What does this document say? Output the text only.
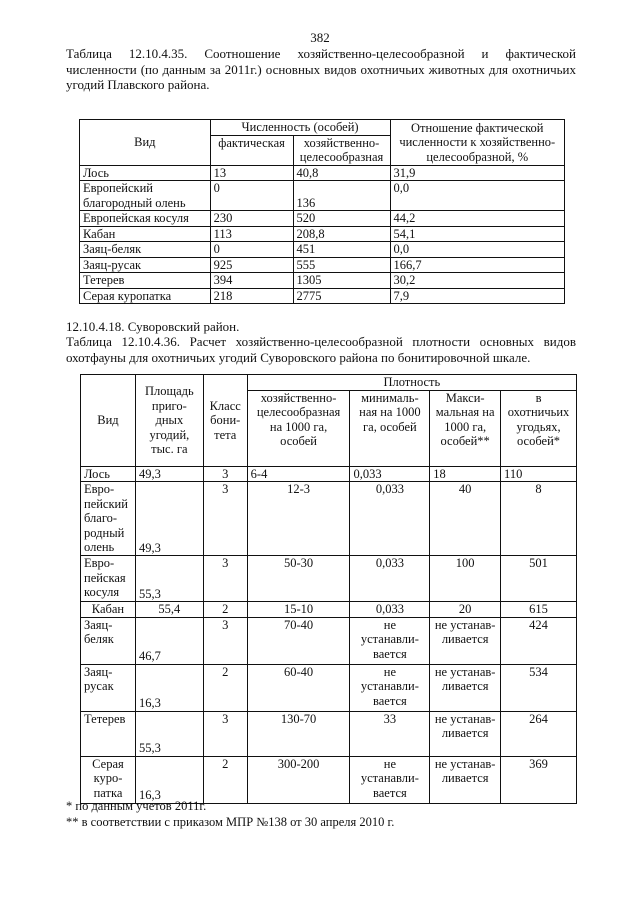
382
Таблица 12.10.4.35. Соотношение хозяйственно-целесообразной и фактической численности (по данным за 2011г.) основных видов охотничьих животных для охотничьих угодий Плавского района.
Вид	Численность (особей)		Отношение фактической численности к хозяйственно-целесообразной, %
	фактическая	хозяйственно-целесообразная	
Лось	13	40,8	31,9
Европейский благородный олень	0	136	0,0
Европейская косуля	230	520	44,2
Кабан	113	208,8	54,1
Заяц-беляк	0	451	0,0
Заяц-русак	925	555	166,7
Тетерев	394	1305	30,2
Серая куропатка	218	2775	7,9
12.10.4.18. Суворовский район.
Таблица 12.10.4.36. Расчет хозяйственно-целесообразной плотности основных видов охотфауны для охотничьих угодий Суворовского района по бонитировочной шкале.
Вид	Площадь приго-дных угодий, тыс. га	Класс бони-тета	Плотность			
			хозяйственно-целесообразная на 1000 га, особей	минималь-ная на 1000 га, особей	Макси-мальная на 1000 га, особей**	в охотничьих угодьях, особей*
Лось	49,3	3	6-4	0,033	18	110
Евро-пейский благо-родный олень	49,3	3	12-3	0,033	40	8
Евро-пейская косуля	55,3	3	50-30	0,033	100	501
Кабан	55,4	2	15-10	0,033	20	615
Заяц-беляк	46,7	3	70-40	не устанавли-вается	не устанав-ливается	424
Заяц-русак	16,3	2	60-40	не устанавли-вается	не устанав-ливается	534
Тетерев	55,3	3	130-70	33	не устанав-ливается	264
Серая куро-патка	16,3	2	300-200	не устанавли-вается	не устанав-ливается	369
* по данным учетов 2011г.
** в соответствии с приказом МПР №138 от 30 апреля 2010 г.
